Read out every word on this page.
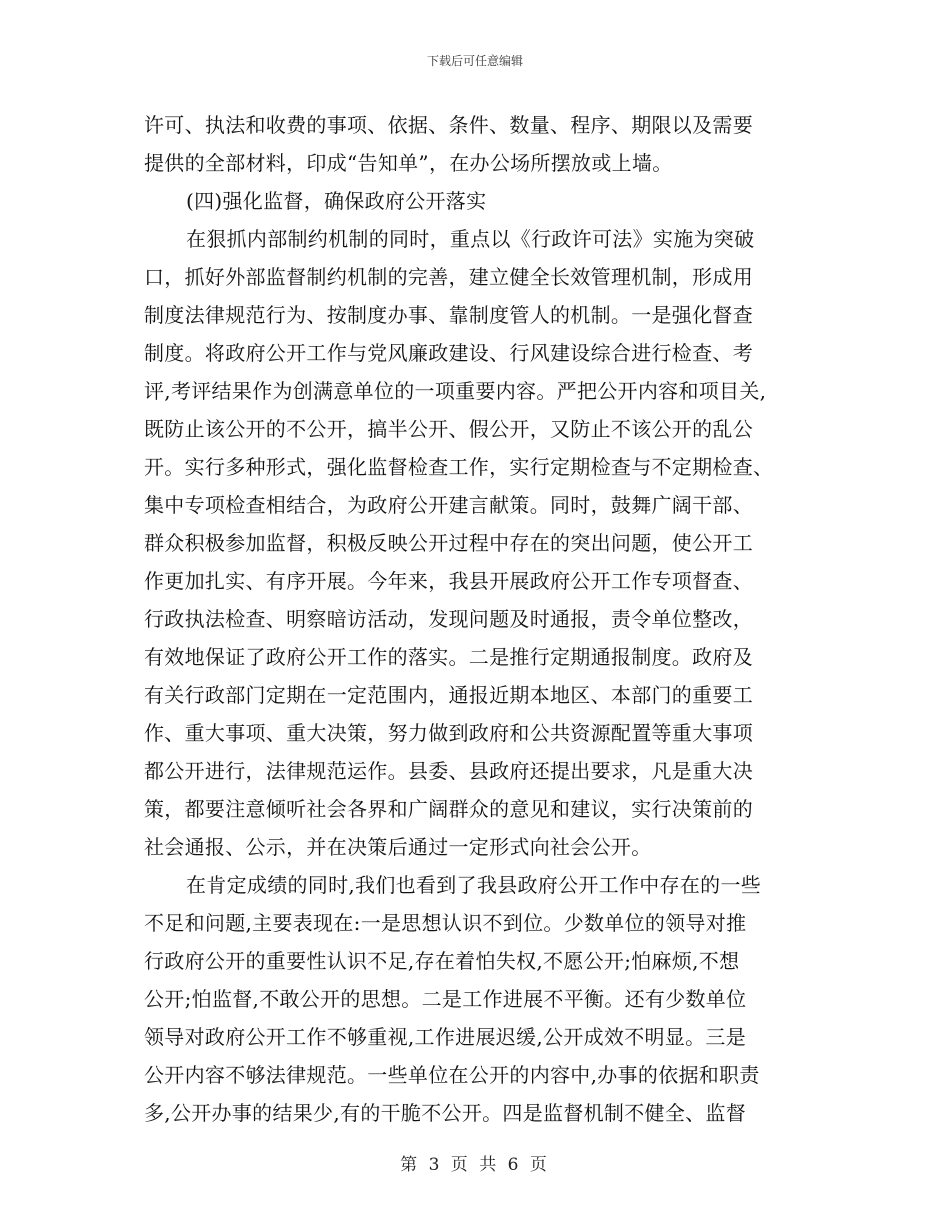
下载后可任意编辑
许可、执法和收费的事项、依据、条件、数量、程序、期限以及需要
提供的全部材料，印成“告知单”，在办公场所摆放或上墙。
(四)强化监督，确保政府公开落实
在狠抓内部制约机制的同时，重点以《行政许可法》实施为突破
口，抓好外部监督制约机制的完善，建立健全长效管理机制，形成用
制度法律规范行为、按制度办事、靠制度管人的机制。一是强化督查
制度。将政府公开工作与党风廉政建设、行风建设综合进行检查、考
评,考评结果作为创满意单位的一项重要内容。严把公开内容和项目关,
既防止该公开的不公开，搞半公开、假公开，又防止不该公开的乱公
开。实行多种形式，强化监督检查工作，实行定期检查与不定期检查、
集中专项检查相结合，为政府公开建言献策。同时，鼓舞广阔干部、
群众积极参加监督，积极反映公开过程中存在的突出问题，使公开工
作更加扎实、有序开展。今年来，我县开展政府公开工作专项督查、
行政执法检查、明察暗访活动，发现问题及时通报，责令单位整改，
有效地保证了政府公开工作的落实。二是推行定期通报制度。政府及
有关行政部门定期在一定范围内，通报近期本地区、本部门的重要工
作、重大事项、重大决策，努力做到政府和公共资源配置等重大事项
都公开进行，法律规范运作。县委、县政府还提出要求，凡是重大决
策，都要注意倾听社会各界和广阔群众的意见和建议，实行决策前的
社会通报、公示，并在决策后通过一定形式向社会公开。
在肯定成绩的同时,我们也看到了我县政府公开工作中存在的一些
不足和问题,主要表现在:一是思想认识不到位。少数单位的领导对推
行政府公开的重要性认识不足,存在着怕失权,不愿公开;怕麻烦,不想
公开;怕监督,不敢公开的思想。二是工作进展不平衡。还有少数单位
领导对政府公开工作不够重视,工作进展迟缓,公开成效不明显。三是
公开内容不够法律规范。一些单位在公开的内容中,办事的依据和职责
多,公开办事的结果少,有的干脆不公开。四是监督机制不健全、监督
第 3 页 共 6 页
